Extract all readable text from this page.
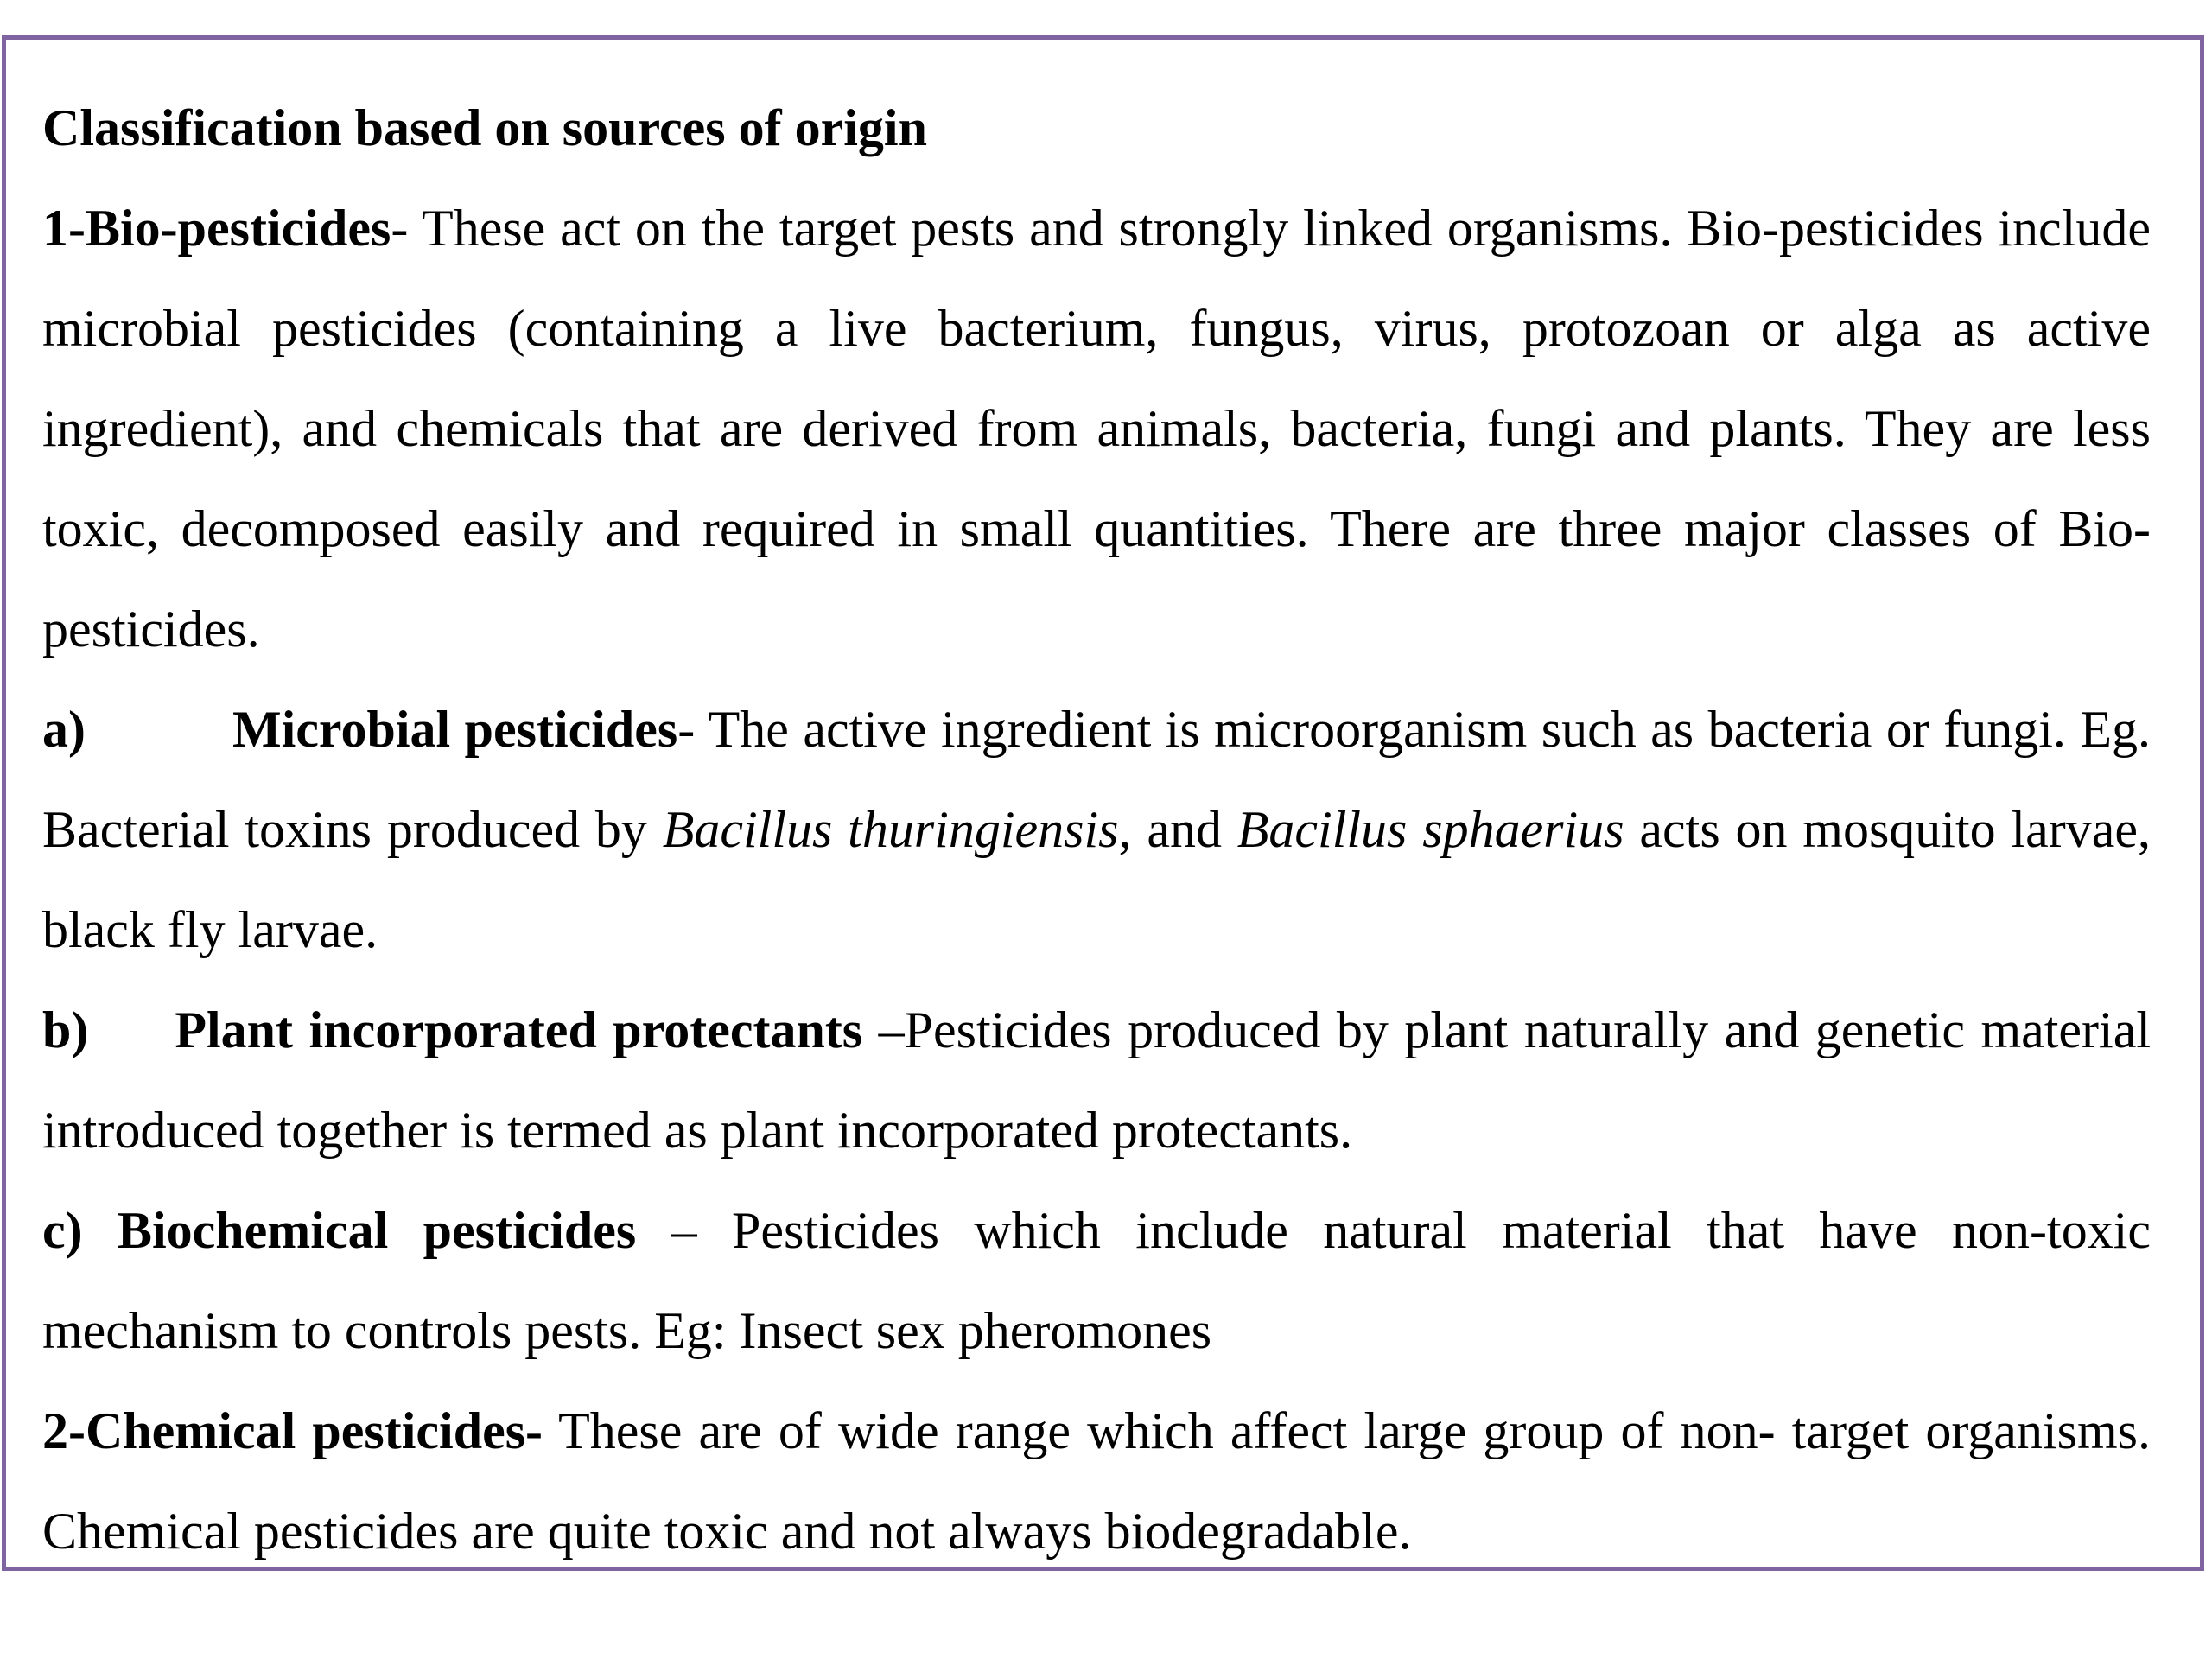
Classification based on sources of origin

1-Bio-pesticides- These act on the target pests and strongly linked organisms. Bio-pesticides include microbial pesticides (containing a live bacterium, fungus, virus, protozoan or alga as active ingredient), and chemicals that are derived from animals, bacteria, fungi and plants. They are less toxic, decomposed easily and required in small quantities. There are three major classes of Bio-pesticides.

a)	Microbial pesticides- The active ingredient is microorganism such as bacteria or fungi. Eg. Bacterial toxins produced by Bacillus thuringiensis, and Bacillus sphaerius acts on mosquito larvae, black fly larvae.

b) Plant incorporated protectants –Pesticides produced by plant naturally and genetic material introduced together is termed as plant incorporated protectants.

c) Biochemical pesticides – Pesticides which include natural material that have non-toxic mechanism to controls pests. Eg: Insect sex pheromones

2-Chemical pesticides- These are of wide range which affect large group of non- target organisms. Chemical pesticides are quite toxic and not always biodegradable.
